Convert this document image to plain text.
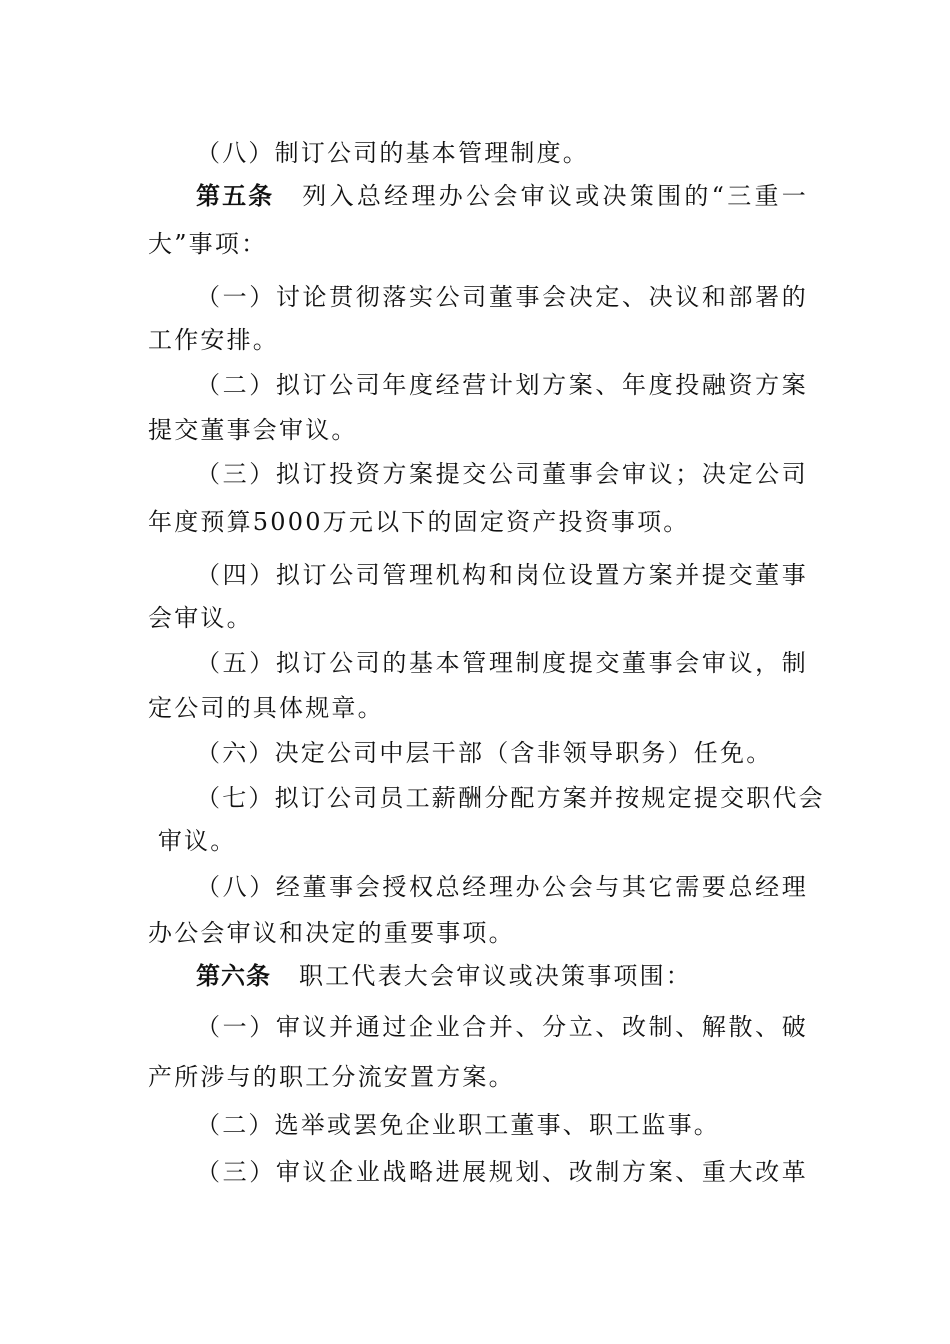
（八）制订公司的基本管理制度。
第五条 列入总经理办公会审议或决策围的“三重一
大”事项：
（一）讨论贯彻落实公司董事会决定、决议和部署的
工作安排。
（二）拟订公司年度经营计划方案、年度投融资方案
提交董事会审议。
（三）拟订投资方案提交公司董事会审议；决定公司
年度预算5000万元以下的固定资产投资事项。
（四）拟订公司管理机构和岗位设置方案并提交董事
会审议。
（五）拟订公司的基本管理制度提交董事会审议，制
定公司的具体规章。
（六）决定公司中层干部（含非领导职务）任免。
（七）拟订公司员工薪酬分配方案并按规定提交职代会
审议。
（八）经董事会授权总经理办公会与其它需要总经理
办公会审议和决定的重要事项。
第六条 职工代表大会审议或决策事项围：
（一）审议并通过企业合并、分立、改制、解散、破
产所涉与的职工分流安置方案。
（二）选举或罢免企业职工董事、职工监事。
（三）审议企业战略进展规划、改制方案、重大改革
